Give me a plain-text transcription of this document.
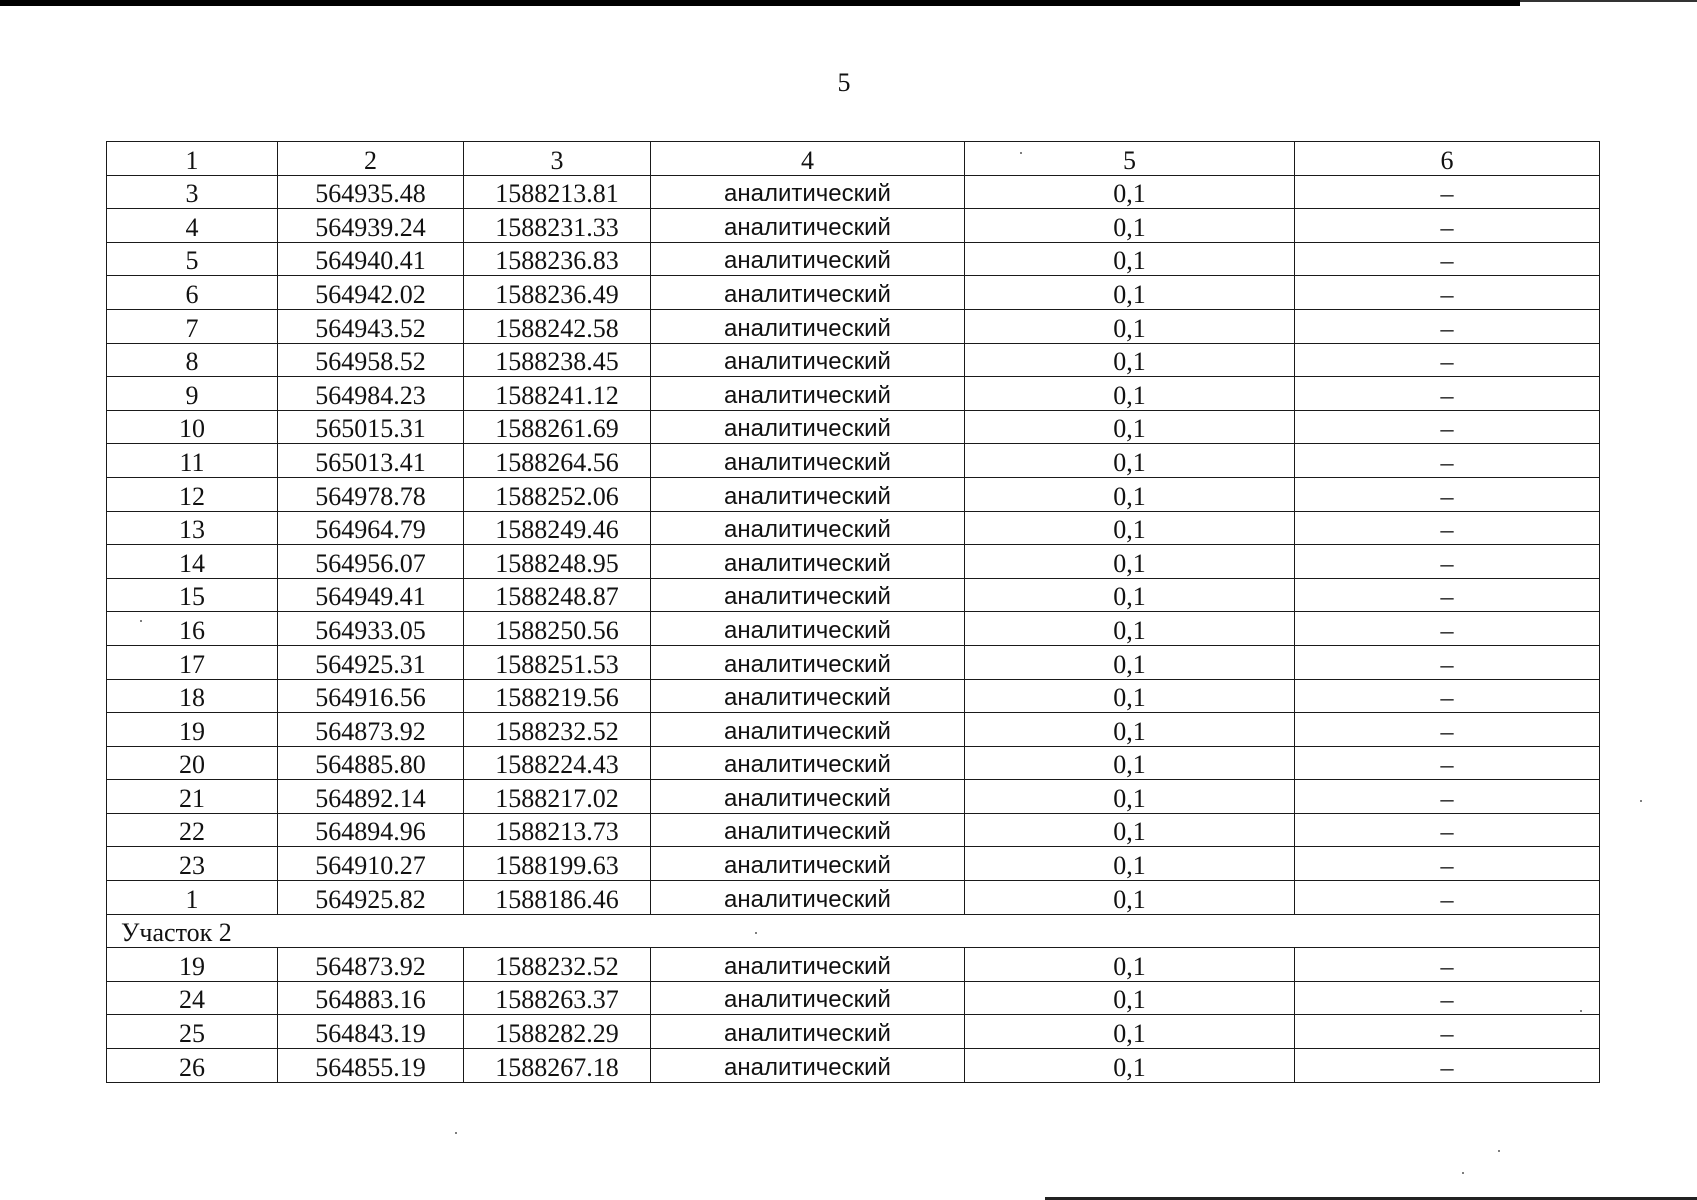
5
1	2	3	4	5	6
3	564935.48	1588213.81	аналитический	0,1	–
4	564939.24	1588231.33	аналитический	0,1	–
5	564940.41	1588236.83	аналитический	0,1	–
6	564942.02	1588236.49	аналитический	0,1	–
7	564943.52	1588242.58	аналитический	0,1	–
8	564958.52	1588238.45	аналитический	0,1	–
9	564984.23	1588241.12	аналитический	0,1	–
10	565015.31	1588261.69	аналитический	0,1	–
11	565013.41	1588264.56	аналитический	0,1	–
12	564978.78	1588252.06	аналитический	0,1	–
13	564964.79	1588249.46	аналитический	0,1	–
14	564956.07	1588248.95	аналитический	0,1	–
15	564949.41	1588248.87	аналитический	0,1	–
16	564933.05	1588250.56	аналитический	0,1	–
17	564925.31	1588251.53	аналитический	0,1	–
18	564916.56	1588219.56	аналитический	0,1	–
19	564873.92	1588232.52	аналитический	0,1	–
20	564885.80	1588224.43	аналитический	0,1	–
21	564892.14	1588217.02	аналитический	0,1	–
22	564894.96	1588213.73	аналитический	0,1	–
23	564910.27	1588199.63	аналитический	0,1	–
1	564925.82	1588186.46	аналитический	0,1	–
Участок 2					
19	564873.92	1588232.52	аналитический	0,1	–
24	564883.16	1588263.37	аналитический	0,1	–
25	564843.19	1588282.29	аналитический	0,1	–
26	564855.19	1588267.18	аналитический	0,1	–
